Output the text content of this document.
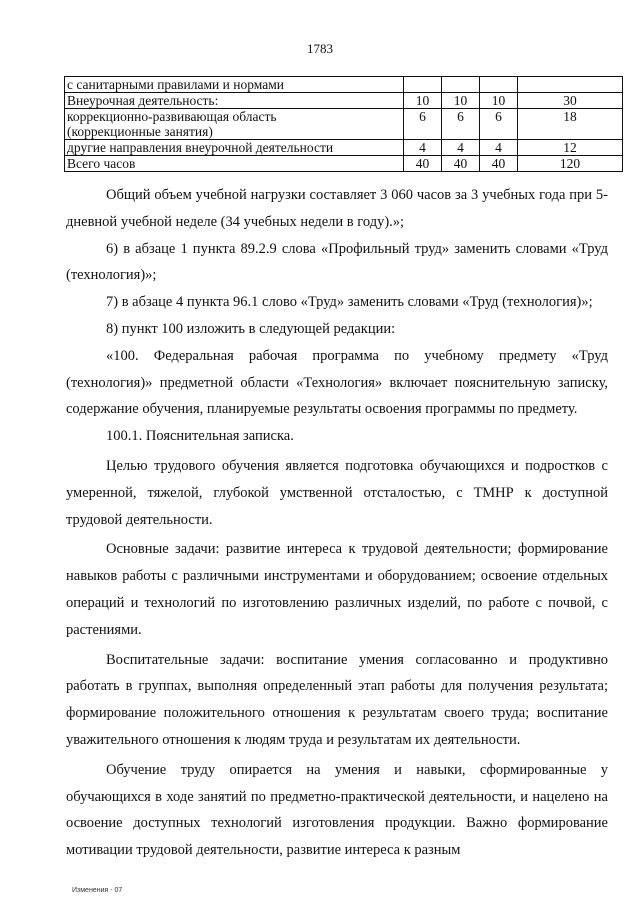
1783
с санитарными правилами и нормами				
Внеурочная деятельность:	10	10	10	30

коррекционно-развивающая область
(коррекционные занятия)	6	6	6	18
другие направления внеурочной деятельности	4	4	4	12
Всего часов	40	40	40	120

Общий объем учебной нагрузки составляет 3 060 часов за 3 учебных года при 5-дневной учебной неделе (34 учебных недели в году).»;

6) в абзаце 1 пункта 89.2.9 слова «Профильный труд» заменить словами «Труд (технология)»;

7) в абзаце 4 пункта 96.1 слово «Труд» заменить словами «Труд (технология)»;

8) пункт 100 изложить в следующей редакции:

«100. Федеральная рабочая программа по учебному предмету «Труд (технология)» предметной области «Технология» включает пояснительную записку, содержание обучения, планируемые результаты освоения программы по предмету.

100.1. Пояснительная записка.

Целью трудового обучения является подготовка обучающихся и подростков с умеренной, тяжелой, глубокой умственной отсталостью, с ТМНР к доступной трудовой деятельности.

Основные задачи: развитие интереса к трудовой деятельности; формирование навыков работы с различными инструментами и оборудованием; освоение отдельных операций и технологий по изготовлению различных изделий, по работе с почвой, с растениями.

Воспитательные задачи: воспитание умения согласованно и продуктивно работать в группах, выполняя определенный этап работы для получения результата; формирование положительного отношения к результатам своего труда; воспитание уважительного отношения к людям труда и результатам их деятельности.

Обучение труду опирается на умения и навыки, сформированные у обучающихся в ходе занятий по предметно-практической деятельности, и нацелено на освоение доступных технологий изготовления продукции. Важно формирование мотивации трудовой деятельности, развитие интереса к разным

Изменения - 07
